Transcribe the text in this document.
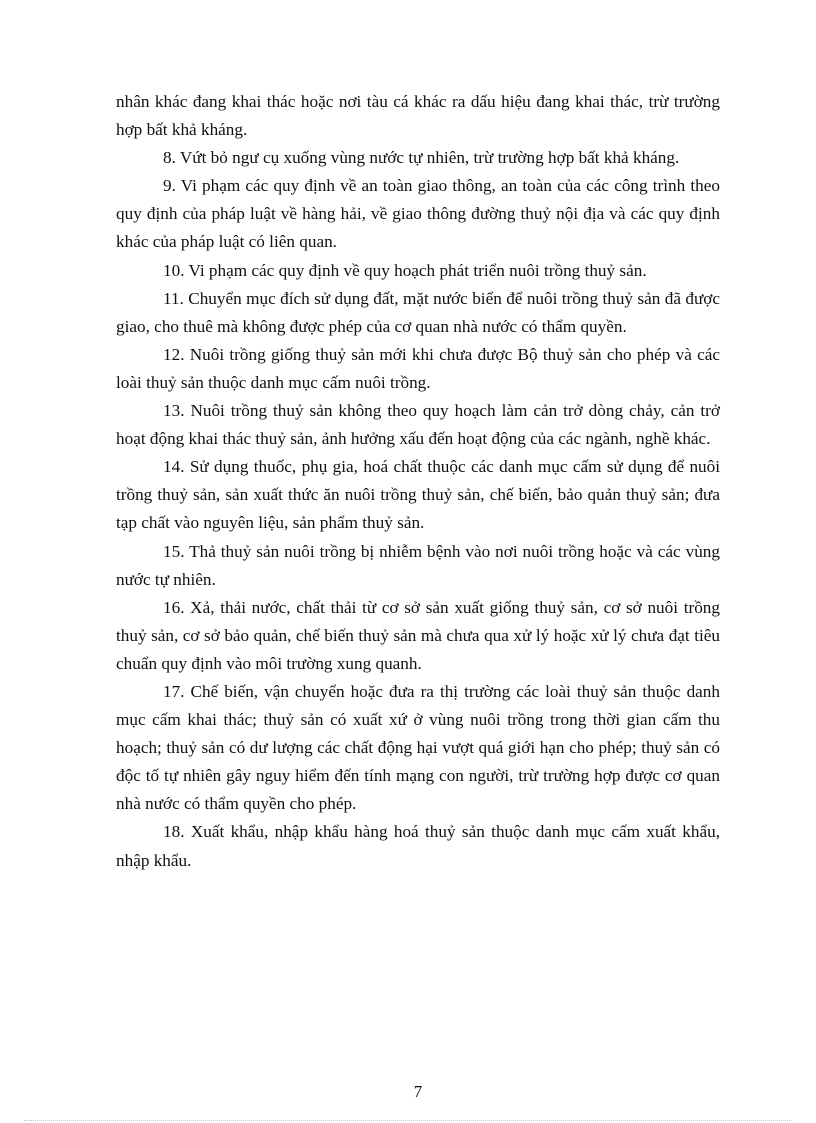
nhân khác đang khai thác hoặc nơi tàu cá khác ra dấu hiệu đang khai thác, trừ trường hợp bất khả kháng.

8. Vứt bỏ ngư cụ xuống vùng nước tự nhiên, trừ trường hợp bất khả kháng.

9. Vi phạm các quy định về an toàn giao thông, an toàn của các công trình theo quy định của pháp luật về hàng hải, về giao thông đường thuỷ nội địa và các quy định khác của pháp luật có liên quan.

10. Vi phạm các quy định về quy hoạch phát triển nuôi trồng thuỷ sản.

11. Chuyển mục đích sử dụng đất, mặt nước biển để nuôi trồng thuỷ sản đã được giao, cho thuê mà không được phép của cơ quan nhà nước có thẩm quyền.

12. Nuôi trồng giống thuỷ sản mới khi chưa được Bộ thuỷ sản cho phép và các loài thuỷ sản thuộc danh mục cấm nuôi trồng.

13. Nuôi trồng thuỷ sản không theo quy hoạch làm cản trở dòng chảy, cản trở hoạt động khai thác thuỷ sản, ảnh hưởng xấu đến hoạt động của các ngành, nghề khác.

14. Sử dụng thuốc, phụ gia, hoá chất thuộc các danh mục cấm sử dụng để nuôi trồng thuỷ sản, sản xuất thức ăn nuôi trồng thuỷ sản, chế biến, bảo quản thuỷ sản; đưa tạp chất vào nguyên liệu, sản phẩm thuỷ sản.

15. Thả thuỷ sản nuôi trồng bị nhiễm bệnh vào nơi nuôi trồng hoặc và các vùng nước tự nhiên.

16. Xả, thải nước, chất thải từ cơ sở sản xuất giống thuỷ sản, cơ sở nuôi trồng thuỷ sản, cơ sở bảo quản, chế biến thuỷ sản mà chưa qua xử lý hoặc xử lý chưa đạt tiêu chuẩn quy định vào môi trường xung quanh.

17. Chế biến, vận chuyển hoặc đưa ra thị trường các loài thuỷ sản thuộc danh mục cấm khai thác; thuỷ sản có xuất xứ ở vùng nuôi trồng trong thời gian cấm thu hoạch; thuỷ sản có dư lượng các chất động hại vượt quá giới hạn cho phép; thuỷ sản có độc tố tự nhiên gây nguy hiểm đến tính mạng con người, trừ trường hợp được cơ quan nhà nước có thẩm quyền cho phép.

18. Xuất khẩu, nhập khẩu hàng hoá thuỷ sản thuộc danh mục cấm xuất khẩu, nhập khẩu.

7
